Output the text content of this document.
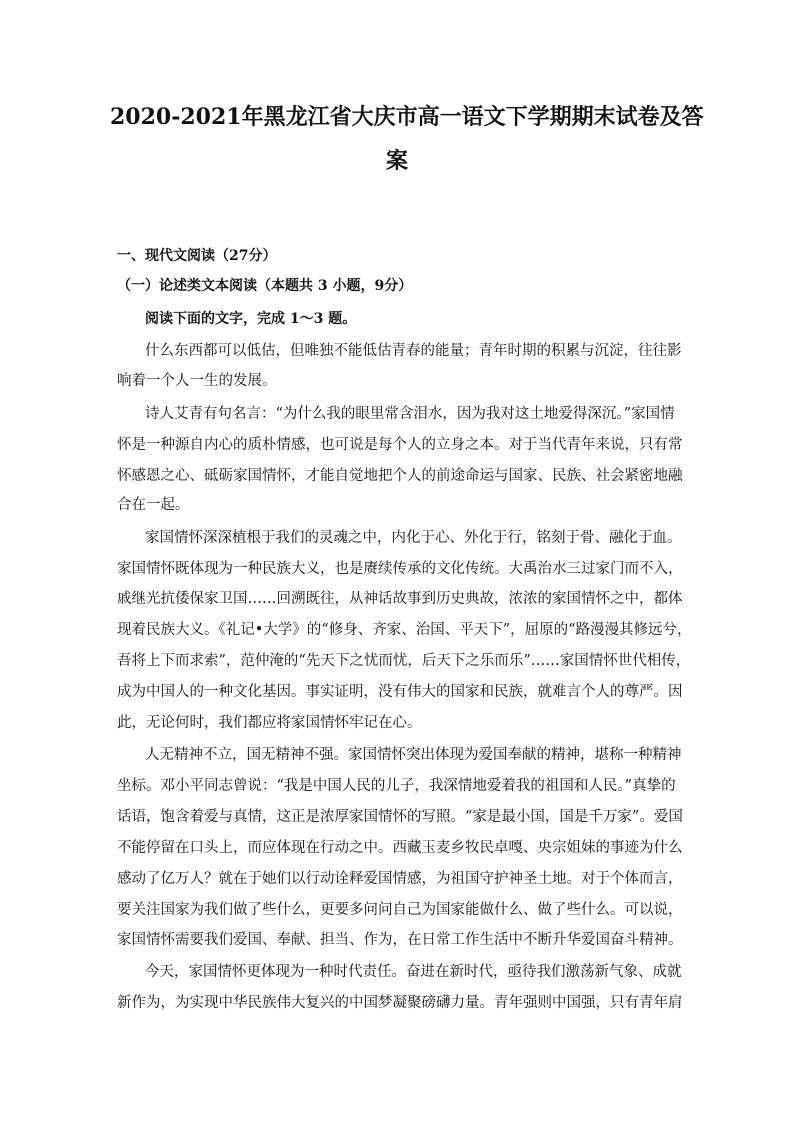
2020-2021年黑龙江省大庆市高一语文下学期期末试卷及答
案
一、现代文阅读（27分）
（一）论述类文本阅读（本题共 3 小题，9分）
阅读下面的文字，完成 1～3 题。
什么东西都可以低估，但唯独不能低估青春的能量；青年时期的积累与沉淀，往往影
响着一个人一生的发展。
诗人艾青有句名言：“为什么我的眼里常含泪水，因为我对这土地爱得深沉。”家国情
怀是一种源自内心的质朴情感，也可说是每个人的立身之本。对于当代青年来说，只有常
怀感恩之心、砥砺家国情怀，才能自觉地把个人的前途命运与国家、民族、社会紧密地融
合在一起。
家国情怀深深植根于我们的灵魂之中，内化于心、外化于行，铭刻于骨、融化于血。
家国情怀既体现为一种民族大义，也是赓续传承的文化传统。大禹治水三过家门而不入，
戚继光抗倭保家卫国……回溯既往，从神话故事到历史典故，浓浓的家国情怀之中，都体
现着民族大义。《礼记•大学》的“修身、齐家、治国、平天下”，屈原的“路漫漫其修远兮，
吾将上下而求索”，范仲淹的“先天下之忧而忧，后天下之乐而乐”……家国情怀世代相传，
成为中国人的一种文化基因。事实证明，没有伟大的国家和民族，就难言个人的尊严。因
此，无论何时，我们都应将家国情怀牢记在心。
人无精神不立，国无精神不强。家国情怀突出体现为爱国奉献的精神，堪称一种精神
坐标。邓小平同志曾说：“我是中国人民的儿子，我深情地爱着我的祖国和人民。”真挚的
话语，饱含着爱与真情，这正是浓厚家国情怀的写照。“家是最小国，国是千万家”。爱国
不能停留在口头上，而应体现在行动之中。西藏玉麦乡牧民卓嘎、央宗姐妹的事迹为什么
感动了亿万人？就在于她们以行动诠释爱国情感，为祖国守护神圣土地。对于个体而言，
要关注国家为我们做了些什么，更要多问问自己为国家能做什么、做了些什么。可以说，
家国情怀需要我们爱国、奉献、担当、作为，在日常工作生活中不断升华爱国奋斗精神。
今天，家国情怀更体现为一种时代责任。奋进在新时代，亟待我们激荡新气象、成就
新作为，为实现中华民族伟大复兴的中国梦凝聚磅礴力量。青年强则中国强，只有青年肩
